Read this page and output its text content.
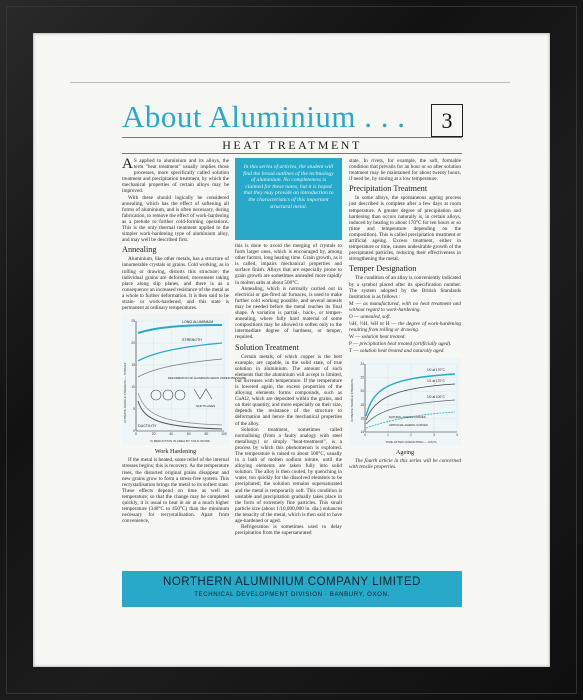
About Aluminium . . .	3
HEAT TREATMENT
A S applied to aluminium and its alloys, the term "heat treatment" usually implies those processes, more specifically called solution treatment and precipitation treatment, by which the mechanical properties of certain alloys may be improved.
With these should logically be considered annealing, which has the effect of softening all forms of aluminium, and is often necessary, during fabrication, to remove the effect of work-hardening as a prelude to further cold-forming operations. This is the only thermal treatment applied to the simpler work-hardening type of aluminium alloy, and may well be described first.
Annealing
Aluminium, like other metals, has a structure of innumerable crystals or grains. Cold working, as in rolling or drawing, distorts this structure; the individual grains are deformed, movement taking place along slip planes, and there is as a consequence an increased resistance of the metal as a whole to further deformation. It is then said to be strain- or work-hardened, and this state is permanent at ordinary temperatures.
LONG ALUMINIUM
STRENGTH
DEFORMATION OF ALUMINIUM GRAIN UNDER PRESSURE
SLIP PLANES
DUCTILITY
0
5
10
15
20
25
0	20	40	60	80	100
% REDUCTION IN AREA BY COLD WORK
ULTIMATE TENSILE STRENGTH — TONS/IN²
Work Hardening
If the metal is heated, some relief of the internal stresses begins; this is recovery. As the temperature rises, the distorted original grains disappear and new grains grow to form a stress-free system. This recrystallisation brings the metal to its softest state. These effects depend on time as well as temperature; so that the change may be completed quickly, it is usual to heat in air at a much higher temperature (340°C to 450°C) than the minimum necessary for recrystallisation. Apart from convenience,
In this series of articles, the student will find the broad outlines of the technology of aluminium. No completeness is claimed for these notes, but it is hoped that they may provide an introduction to the characteristics of this important structural metal.
this is done to avoid the merging of crystals to form larger ones, which is encouraged by, among other factors, long heating time. Grain growth, as it is called, impairs mechanical properties and surface finish. Alloys that are especially prone to grain growth are sometimes annealed more rapidly in molten salts at about 500°C.
Annealing, which is normally carried out in electrical or gas-fired air furnaces, is used to make further cold working possible, and several anneals may be needed before the metal reaches its final shape. A variation is partial-, back-, or temper-annealing, where fully hard material of some compositions may be allowed to soften only to the intermediate degree of hardness, or temper, required.
Solution Treatment
Certain metals, of which copper is the best example, are capable, in the solid state, of true solution in aluminium. The amount of such elements that the aluminium will accept is limited, but increases with temperature. If the temperature is lowered again, the excess proportion of the alloying elements forms compounds, such as CuAl2, which are deposited within the grains, and on their quantity, and more especially on their size, depends the resistance of the structure to deformation and hence the mechanical properties of the alloy.
Solution treatment, sometimes called normalising (from a faulty analogy with steel metallurgy) or simply "heat-treatment", is a process by which this phenomenon is exploited. The temperature is raised to about 500°C, usually in a bath of molten sodium nitrate, until the alloying elements are taken fully into solid solution. The alloy is then cooled, by quenching in water, too quickly for the dissolved elements to be precipitated; the solution remains supersaturated and the metal is temporarily soft. This condition is unstable and precipitation gradually takes place in the form of extremely fine particles. This small particle size (about 1/10,000,000 in. dia.) enhances the tenacity of the metal, which is then said to have age-hardened or aged.
Refrigeration is sometimes used to delay precipitation from the supersaturated
state. In rivets, for example, the soft, formable condition that prevails for an hour or so after solution treatment may be maintained for about twenty hours, if need be, by storing at a low temperature.
Precipitation Treatment
In some alloys, the spontaneous ageing process just described is complete after a few days at room temperature. A greater degree of precipitation and hardening than occurs naturally is, in certain alloys, induced by heating to about 170°C for ten hours or so (time and temperature depending on the composition). This is called precipitation treatment or artificial ageing. Excess treatment, either in temperature or time, causes undesirable growth of the precipitated particles, reducing their effectiveness in strengthening the metal.
Temper Designation
The condition of an alloy is conveniently indicated by a symbol placed after its specification number. The system adopted by the British Standards Institution is as follows :
M — as manufactured, with no heat treatment and without regard to work-hardening.
O — annealed, soft.
¼H, ½H, ¾H or H — the degree of work-hardening resulting from rolling or drawing.
W — solution heat treated.
P — precipitation heat treated (artificially aged).
T — solution heat treated and naturally aged.
1/0 at 170°C
1/1 at 170°C
1/0 at 100°C
NATURAL AGEING CURVES
ARTIFICIAL AGEING CURVES
14
16
18
20
22
24
0	1	2	3	4
TIME AFTER QUENCHING — DAYS
ULTIMATE TENSILE STRENGTH
Ageing
The fourth article in this series will be concerned with tensile properties.
NORTHERN ALUMINIUM COMPANY LIMITED
TECHNICAL DEVELOPMENT DIVISION · BANBURY, OXON.
